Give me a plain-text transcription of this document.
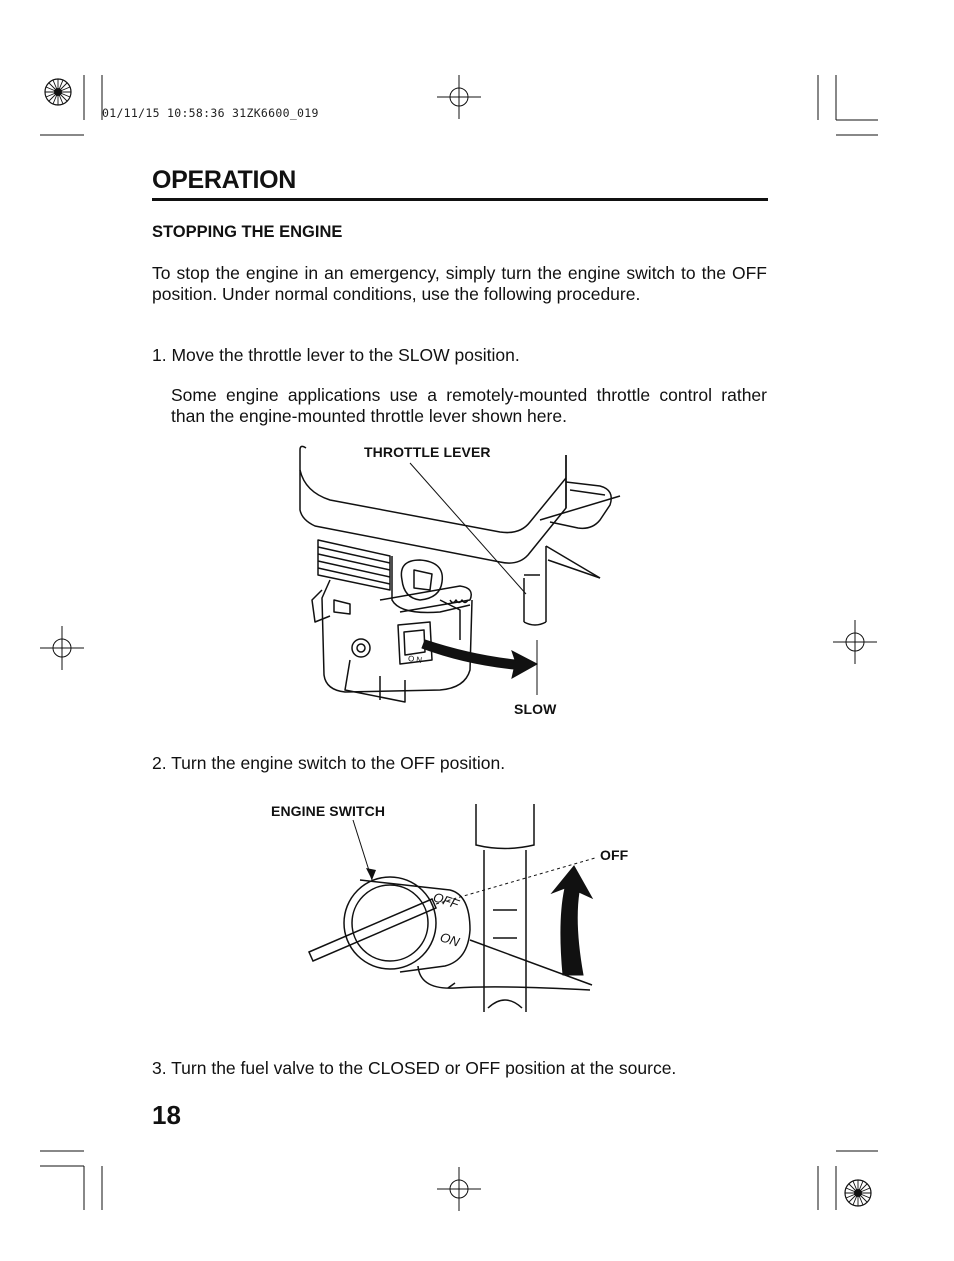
01/11/15 10:58:36 31ZK6600_019
OPERATION
STOPPING THE ENGINE
To stop the engine in an emergency, simply turn the engine switch to the OFF position. Under normal conditions, use the following procedure.
1. Move the throttle lever to the SLOW position.
Some engine applications use a remotely-mounted throttle control rather than the engine-mounted throttle lever shown here.
THROTTLE LEVER
SLOW
ON
2. Turn the engine switch to the OFF position.
ENGINE SWITCH
OFF
OFF
ON
3. Turn the fuel valve to the CLOSED or OFF position at the source.
18
